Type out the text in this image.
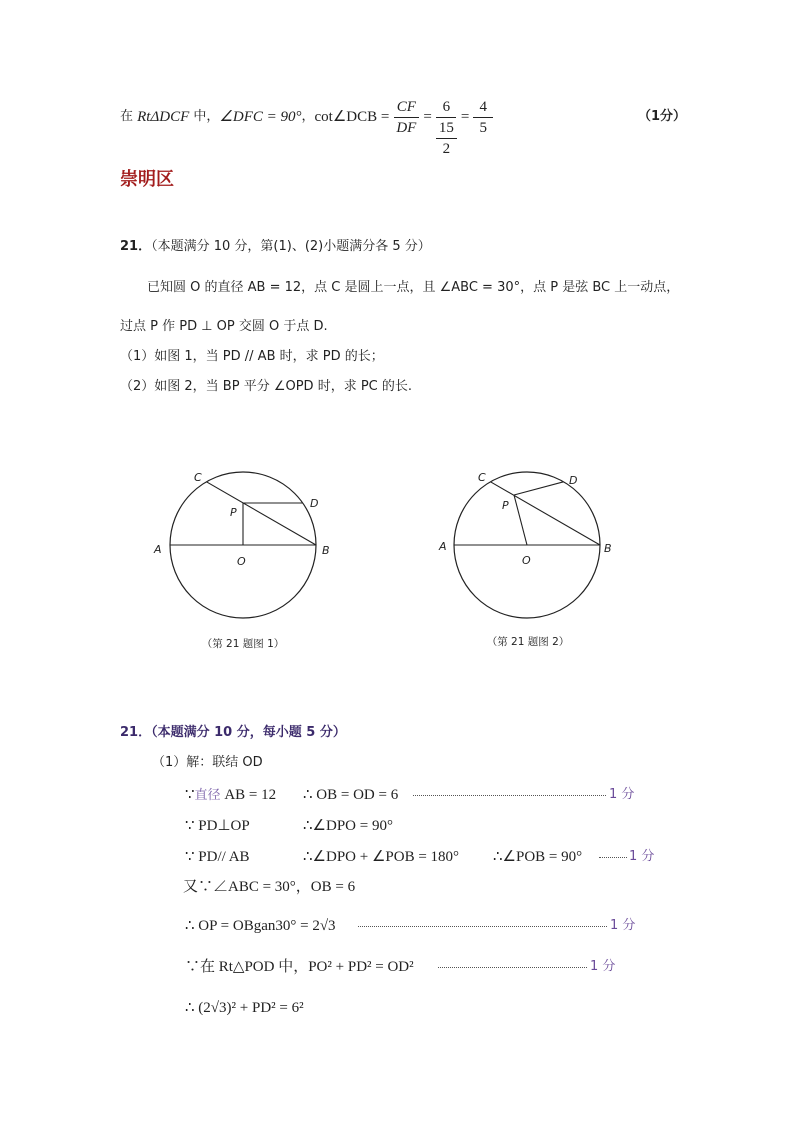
在 RtΔDCF 中， ∠DFC = 90° ， cot∠DCB = $\frac{CF}{DF} = \frac{6}{\frac{15}{2}} = \frac{4}{5}$	（1分）
崇明区
21．（本题满分 10 分，第(1)、(2)小题满分各 5 分）
已知圆 O 的直径 AB = 12，点 C 是圆上一点，且 ∠ABC = 30°，点 P 是弦 BC 上一动点，
过点 P 作 PD ⊥ OP 交圆 O 于点 D.
（1）如图 1，当 PD // AB 时，求 PD 的长；
（2）如图 2，当 BP 平分 ∠OPD 时，求 PC 的长.
C
D
P
A
O
B
（第 21 题图 1）
C	D
P
A
O
B
（第 21 题图 2）
21．（本题满分 10 分，每小题 5 分）
（1）解：联结 OD
∵直径 AB = 12 ∴ OB = OD = 6	1 分
∵ PD⊥OP	∴∠DPO = 90°
∵ PD// AB	∴∠DPO + ∠POB = 180° ∴∠POB = 90°	1 分
又∵∠ABC = 30°，OB = 6
∴ OP = OBgan30° = 2√3	1 分
∵在 Rt△POD 中，PO² + PD² = OD²	1 分
∴ (2√3)² + PD² = 6²
